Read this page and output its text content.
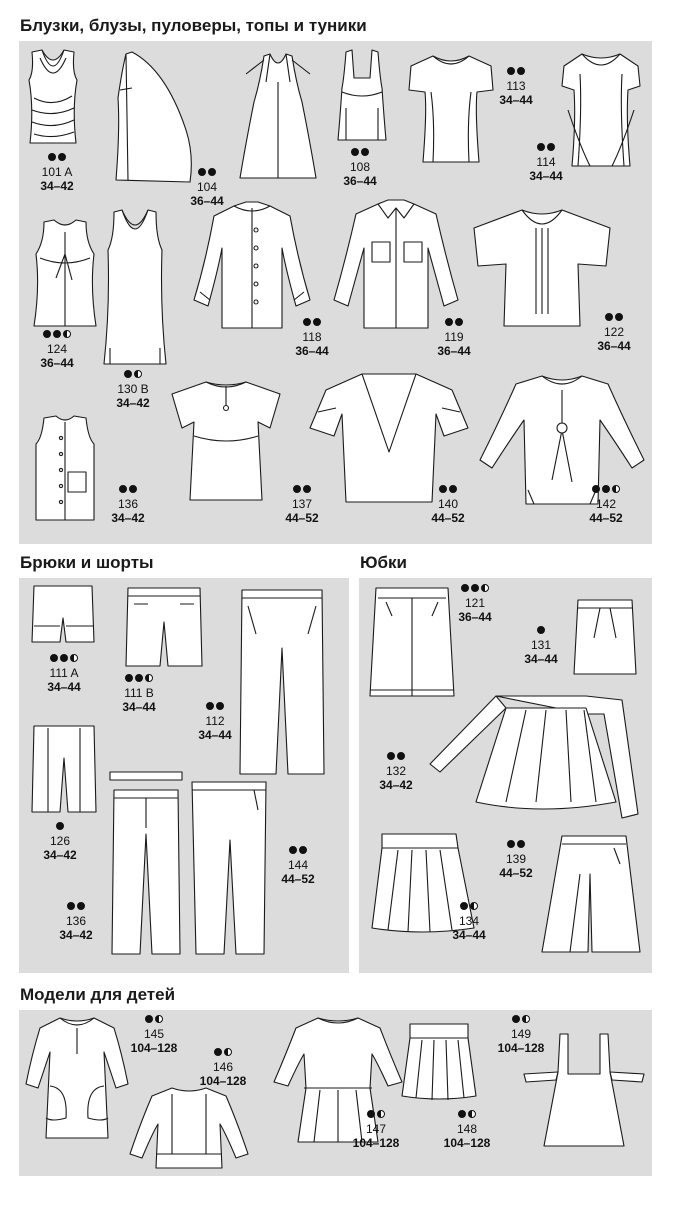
Блузки, блузы, пуловеры, топы и туники
101 A
34–42	104
36–44
108
36–44
113
34–44
114
34–44
124
36–44
130 B
34–42
118
36–44
119
36–44
122
36–44
136
34–42
137
44–52
140
44–52
142
44–52
Брюки и шорты
111 A
34–44	111 B
34–44
112
34–44
126
34–42
136
34–42
144
44–52
Юбки
121
36–44
131
34–44
132
34–42
134
34–44
139
44–52
Модели для детей
145
104–128
146
104–128
147
104–128
148
104–128
149
104–128
